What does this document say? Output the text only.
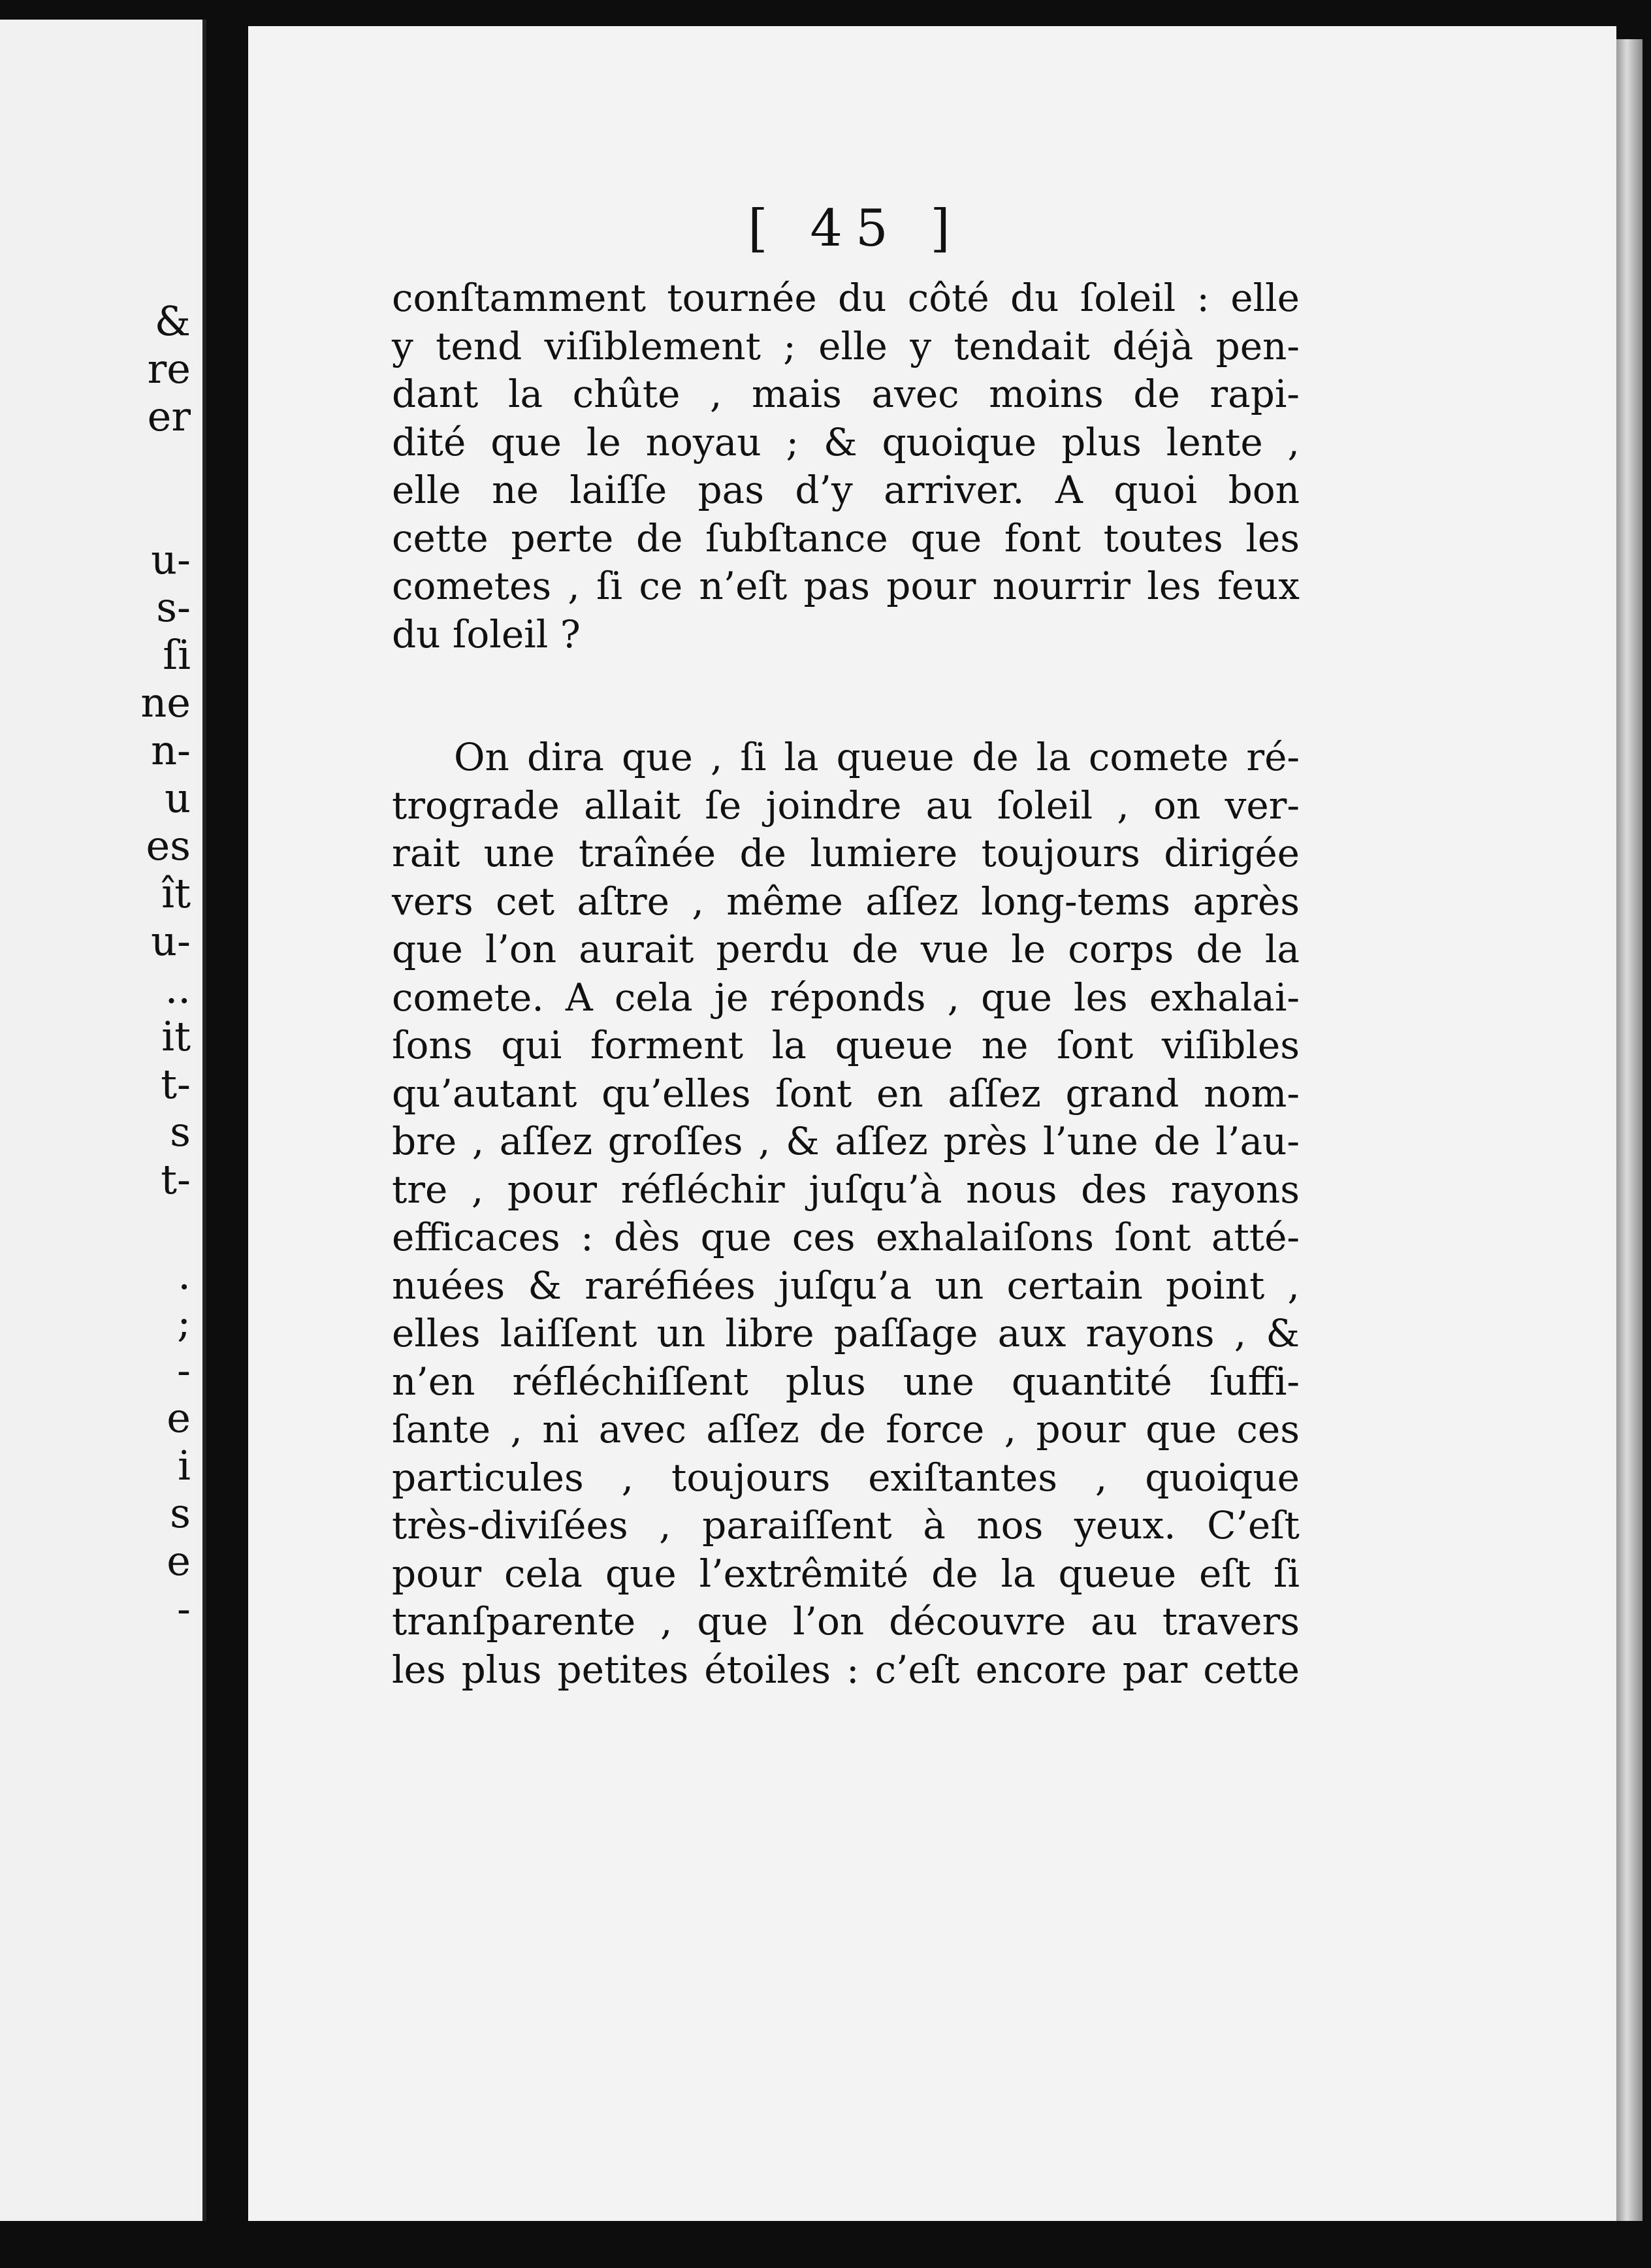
&
re
er
u-
s-
ſi
ne
n-
u
es
ît
u-
..
it
t-
s
t-
.
;
-
e
i
s
e
-
[ 45 ]
conſtamment tournée du côté du ſoleil : elle
y tend viſiblement ; elle y tendait déjà pen-
dant la chûte , mais avec moins de rapi-
dité que le noyau ; & quoique plus lente ,
elle ne laiſſe pas d’y arriver. A quoi bon
cette perte de ſubſtance que font toutes les
cometes , ſi ce n’eſt pas pour nourrir les feux
du ſoleil ?
On dira que , ſi la queue de la comete ré-
trograde allait ſe joindre au ſoleil , on ver-
rait une traînée de lumiere toujours dirigée
vers cet aſtre , même aſſez long-tems après
que l’on aurait perdu de vue le corps de la
comete. A cela je réponds , que les exhalai-
ſons qui forment la queue ne ſont viſibles
qu’autant qu’elles ſont en aſſez grand nom-
bre , aſſez groſſes , & aſſez près l’une de l’au-
tre , pour réfléchir juſqu’à nous des rayons
efficaces : dès que ces exhalaiſons ſont atté-
nuées & raréfiées juſqu’a un certain point ,
elles laiſſent un libre paſſage aux rayons , &
n’en réfléchiſſent plus une quantité ſuffi-
ſante , ni avec aſſez de force , pour que ces
particules , toujours exiſtantes , quoique
très-diviſées , paraiſſent à nos yeux. C’eſt
pour cela que l’extrêmité de la queue eſt ſi
tranſparente , que l’on découvre au travers
les plus petites étoiles : c’eſt encore par cette
